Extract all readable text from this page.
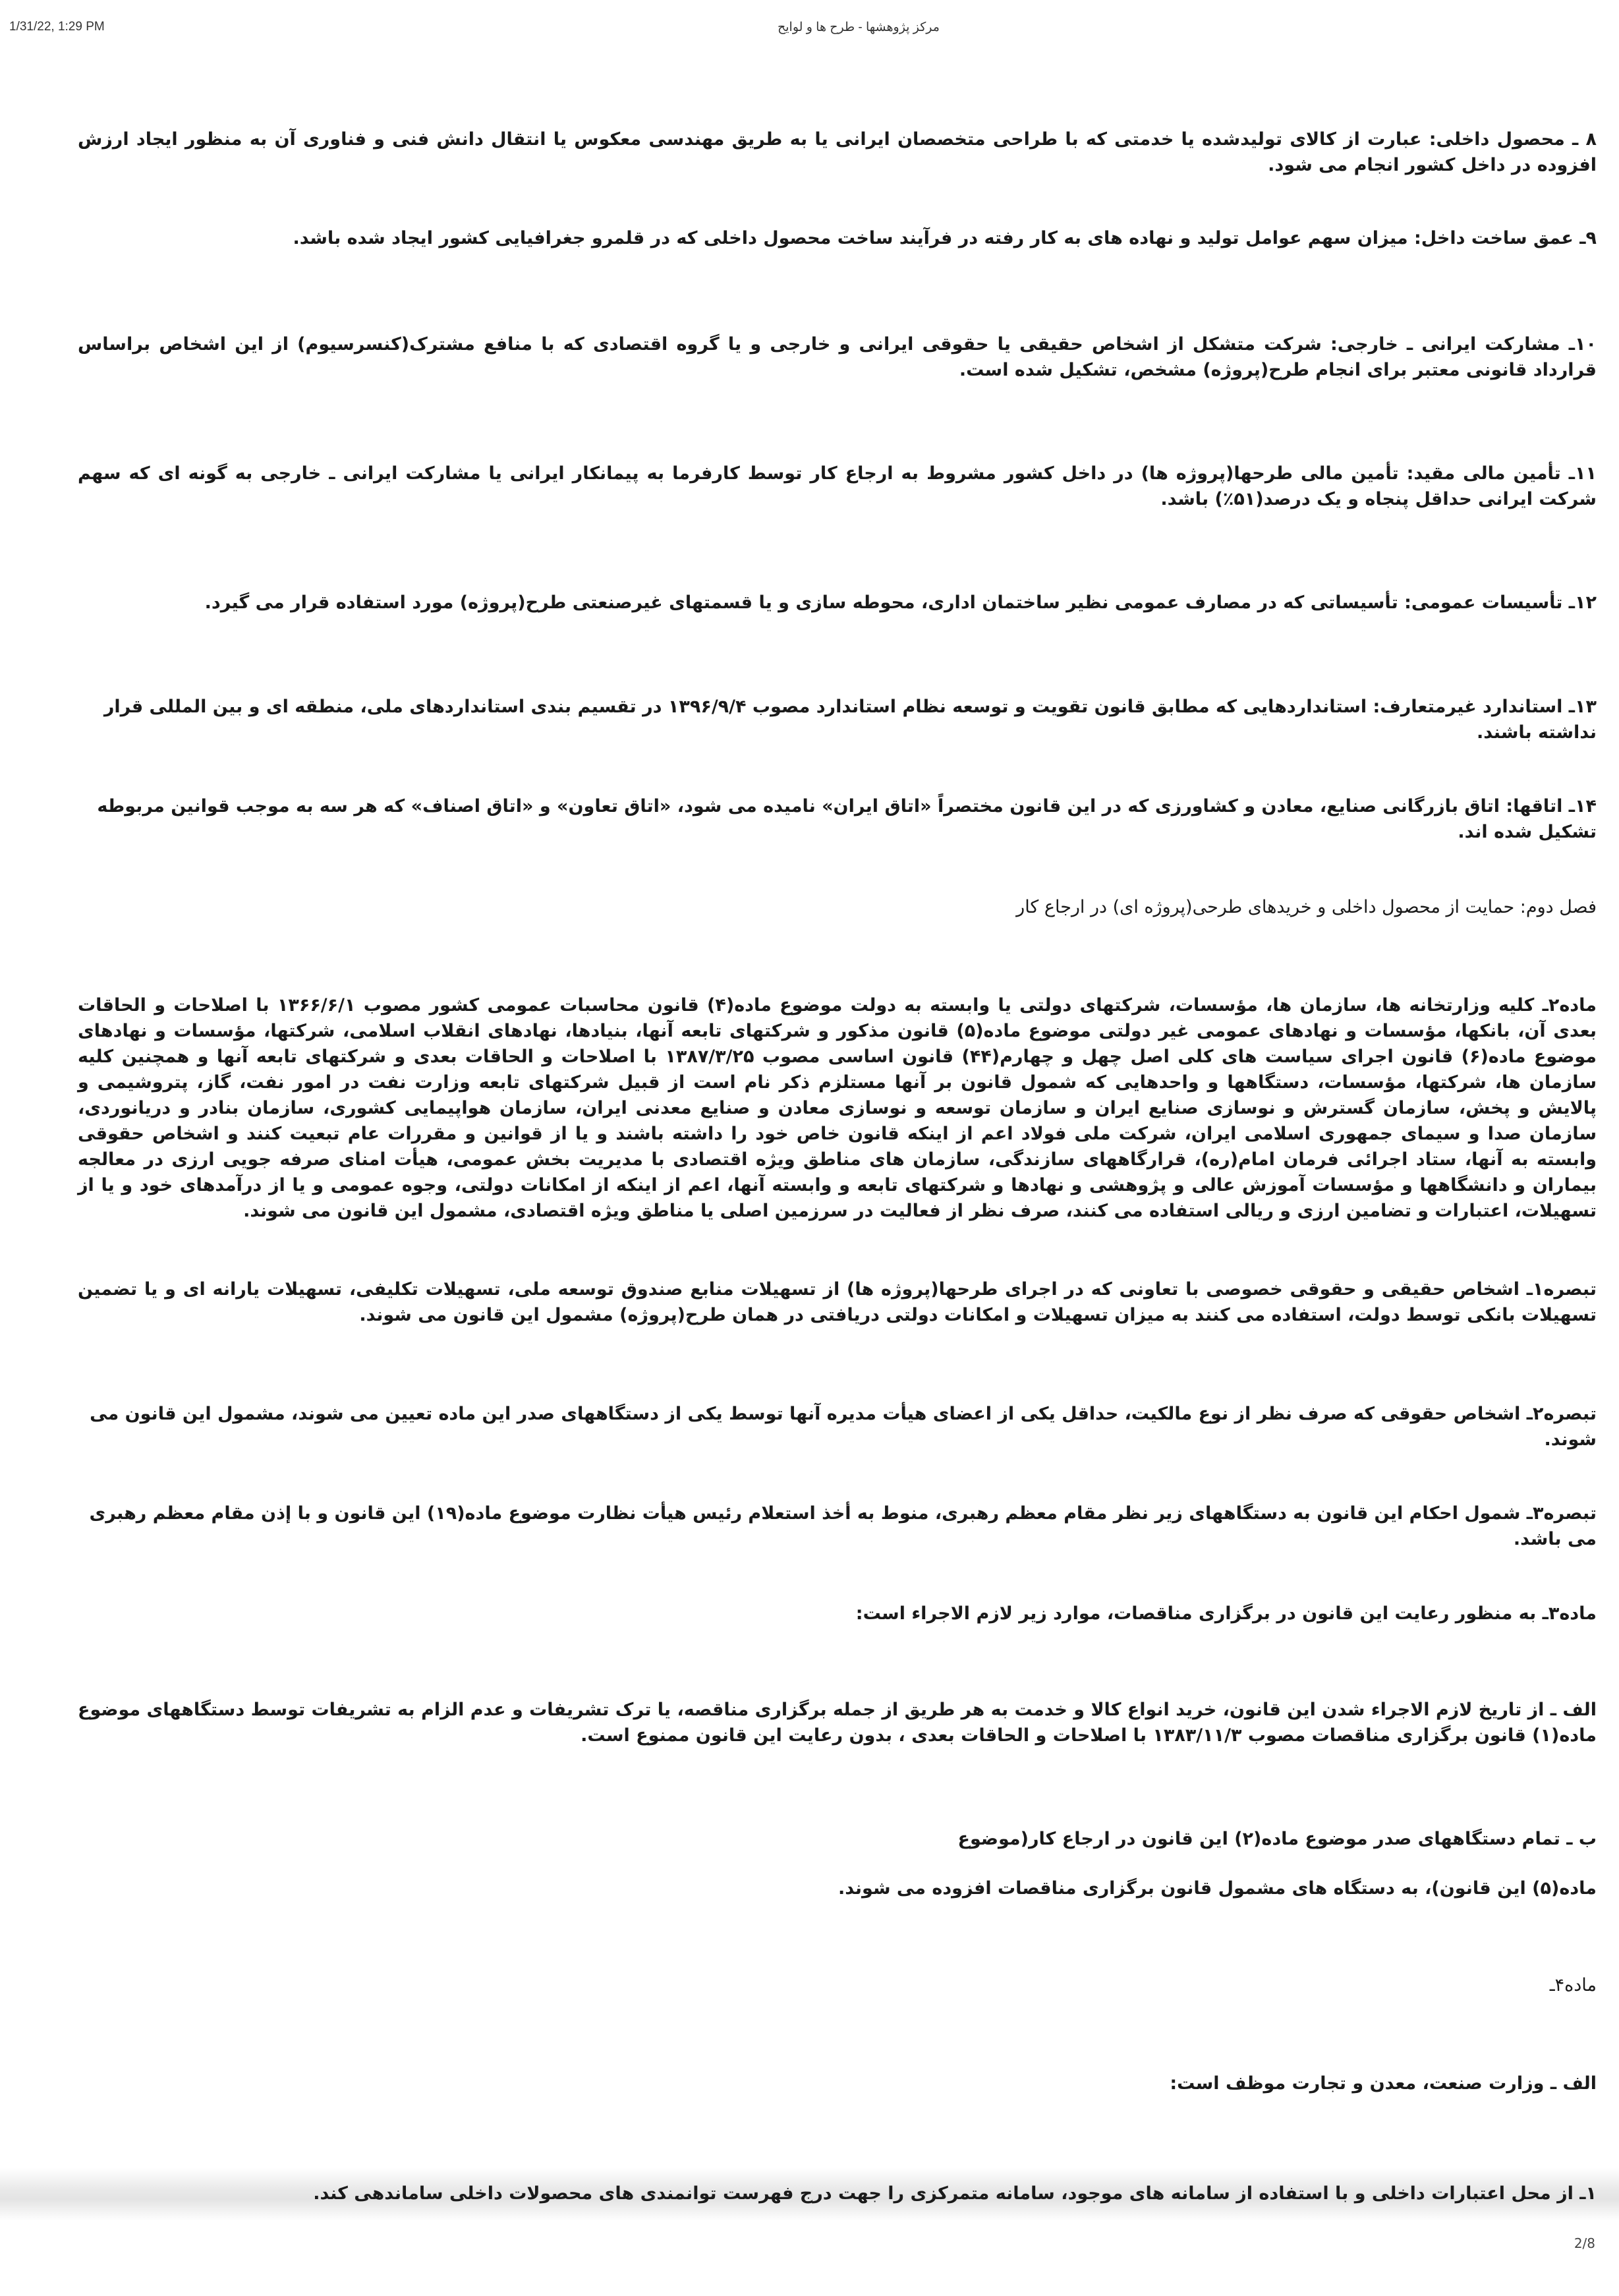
1/31/22, 1:29 PM	مرکز پژوهشها - طرح ها و لوایح
۸ ـ محصول داخلی: عبارت از کالای تولیدشده یا خدمتی که با طراحی متخصصان ایرانی یا به طریق مهندسی معکوس یا انتقال دانش فنی و فناوری آن به منظور ایجاد ارزش افزوده در داخل کشور انجام می شود.
۹ـ عمق ساخت داخل: میزان سهم عوامل تولید و نهاده های به کار رفته در فرآیند ساخت محصول داخلی که در قلمرو جغرافیایی کشور ایجاد شده باشد.
۱۰ـ مشارکت ایرانی ـ خارجی: شرکت متشکل از اشخاص حقیقی یا حقوقی ایرانی و خارجی و یا گروه اقتصادی که با منافع مشترک(کنسرسیوم) از این اشخاص براساس قرارداد قانونی معتبر برای انجام طرح(پروژه) مشخص، تشکیل شده است.
۱۱ـ تأمین مالی مقید: تأمین مالی طرحها(پروژه ها) در داخل کشور مشروط به ارجاع کار توسط کارفرما به پیمانکار ایرانی یا مشارکت ایرانی ـ خارجی به گونه ای که سهم شرکت ایرانی حداقل پنجاه و یک درصد(۵۱٪) باشد.
۱۲ـ تأسیسات عمومی: تأسیساتی که در مصارف عمومی نظیر ساختمان اداری، محوطه سازی و یا قسمتهای غیرصنعتی طرح(پروژه) مورد استفاده قرار می گیرد.
۱۳ـ استاندارد غیرمتعارف: استانداردهایی که مطابق قانون تقویت و توسعه نظام استاندارد مصوب ۱۳۹۶/۹/۴ در تقسیم بندی استانداردهای ملی، منطقه ای و بین المللی قرار نداشته باشند.
۱۴ـ اتاقها: اتاق بازرگانی صنایع، معادن و کشاورزی که در این قانون مختصراً «اتاق ایران» نامیده می شود، «اتاق تعاون» و «اتاق اصناف» که هر سه به موجب قوانین مربوطه تشکیل شده اند.
فصل دوم: حمایت از محصول داخلی و خریدهای طرحی(پروژه ای) در ارجاع کار
ماده۲ـ کلیه وزارتخانه ها، سازمان ها، مؤسسات، شرکتهای دولتی یا وابسته به دولت موضوع ماده(۴) قانون محاسبات عمومی کشور مصوب ۱۳۶۶/۶/۱ با اصلاحات و الحاقات بعدی آن، بانکها، مؤسسات و نهادهای عمومی غیر دولتی موضوع ماده(۵) قانون مذکور و شرکتهای تابعه آنها، بنیادها، نهادهای انقلاب اسلامی، شرکتها، مؤسسات و نهادهای موضوع ماده(۶) قانون اجرای سیاست های کلی اصل چهل و چهارم(۴۴) قانون اساسی مصوب ۱۳۸۷/۳/۲۵ با اصلاحات و الحاقات بعدی و شرکتهای تابعه آنها و همچنین کلیه سازمان ها، شرکتها، مؤسسات، دستگاهها و واحدهایی که شمول قانون بر آنها مستلزم ذکر نام است از قبیل شرکتهای تابعه وزارت نفت در امور نفت، گاز، پتروشیمی و پالایش و پخش، سازمان گسترش و نوسازی صنایع ایران و سازمان توسعه و نوسازی معادن و صنایع معدنی ایران، سازمان هواپیمایی کشوری، سازمان بنادر و دریانوردی، سازمان صدا و سیمای جمهوری اسلامی ایران، شرکت ملی فولاد اعم از اینکه قانون خاص خود را داشته باشند و یا از قوانین و مقررات عام تبعیت کنند و اشخاص حقوقی وابسته به آنها، ستاد اجرائی فرمان امام(ره)، قرارگاههای سازندگی، سازمان های مناطق ویژه اقتصادی با مدیریت بخش عمومی، هیأت امنای صرفه جویی ارزی در معالجه بیماران و دانشگاهها و مؤسسات آموزش عالی و پژوهشی و نهادها و شرکتهای تابعه و وابسته آنها، اعم از اینکه از امکانات دولتی، وجوه عمومی و یا از درآمدهای خود و یا از تسهیلات، اعتبارات و تضامین ارزی و ریالی استفاده می کنند، صرف نظر از فعالیت در سرزمین اصلی یا مناطق ویژه اقتصادی، مشمول این قانون می شوند.
تبصره۱ـ اشخاص حقیقی و حقوقی خصوصی با تعاونی که در اجرای طرحها(پروژه ها) از تسهیلات منابع صندوق توسعه ملی، تسهیلات تکلیفی، تسهیلات یارانه ای و یا تضمین تسهیلات بانکی توسط دولت، استفاده می کنند به میزان تسهیلات و امکانات دولتی دریافتی در همان طرح(پروژه) مشمول این قانون می شوند.
تبصره۲ـ اشخاص حقوقی که صرف نظر از نوع مالکیت، حداقل یکی از اعضای هیأت مدیره آنها توسط یکی از دستگاههای صدر این ماده تعیین می شوند، مشمول این قانون می شوند.
تبصره۳ـ شمول احکام این قانون به دستگاههای زیر نظر مقام معظم رهبری، منوط به أخذ استعلام رئیس هیأت نظارت موضوع ماده(۱۹) این قانون و با إذن مقام معظم رهبری می باشد.
ماده۳ـ به منظور رعایت این قانون در برگزاری مناقصات، موارد زیر لازم الاجراء است:
الف ـ از تاریخ لازم الاجراء شدن این قانون، خرید انواع کالا و خدمت به هر طریق از جمله برگزاری مناقصه، یا ترک تشریفات و عدم الزام به تشریفات توسط دستگاههای موضوع ماده(۱) قانون برگزاری مناقصات مصوب ۱۳۸۳/۱۱/۳ با اصلاحات و الحاقات بعدی ، بدون رعایت این قانون ممنوع است.
ب ـ تمام دستگاههای صدر موضوع ماده(۲) این قانون در ارجاع کار(موضوع
ماده(۵) این قانون)، به دستگاه های مشمول قانون برگزاری مناقصات افزوده می شوند.
ماده۴ـ
الف ـ وزارت صنعت، معدن و تجارت موظف است:
۱ـ از محل اعتبارات داخلی و با استفاده از سامانه های موجود، سامانه متمرکزی را جهت درج فهرست توانمندی های محصولات داخلی ساماندهی کند.
2/8
